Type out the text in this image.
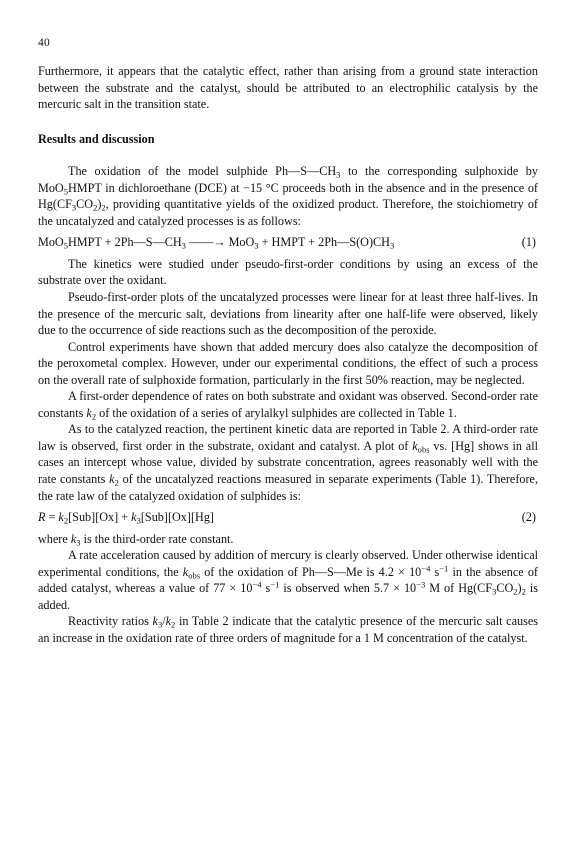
40

Furthermore, it appears that the catalytic effect, rather than arising from a ground state interaction between the substrate and the catalyst, should be attributed to an electrophilic catalysis by the mercuric salt in the transition state.

Results and discussion

The oxidation of the model sulphide $Ph—S—CH_3$ to the corresponding sulphoxide by MoO$_5$HMPT in dichloroethane (DCE) at −15 °C proceeds both in the absence and in the presence of $Hg(CF_3CO_2)_2$, providing quantitative yields of the oxidized product. Therefore, the stoichiometry of the uncatalyzed and catalyzed processes is as follows:

MoO$_5$HMPT + $2Ph—S—CH_3$ ——→ MoO$_3$ + HMPT + $2Ph—S(O)CH_3$	(1)

The kinetics were studied under pseudo-first-order conditions by using an excess of the substrate over the oxidant.

Pseudo-first-order plots of the uncatalyzed processes were linear for at least three half-lives. In the presence of the mercuric salt, deviations from linearity after one half-life were observed, likely due to the occurrence of side reactions such as the decomposition of the peroxide.

Control experiments have shown that added mercury does also catalyze the decomposition of the peroxometal complex. However, under our experimental conditions, the effect of such a process on the overall rate of sulphoxide formation, particularly in the first 50% reaction, may be neglected.

A first-order dependence of rates on both substrate and oxidant was observed. Second-order rate constants $k_2$ of the oxidation of a series of arylalkyl sulphides are collected in Table 1.

As to the catalyzed reaction, the pertinent kinetic data are reported in Table 2. A third-order rate law is observed, first order in the substrate, oxidant and catalyst. A plot of $k_{obs}$ vs. [Hg] shows in all cases an intercept whose value, divided by substrate concentration, agrees reasonably well with the rate constants $k_2$ of the uncatalyzed reactions measured in separate experiments (Table 1). Therefore, the rate law of the catalyzed oxidation of sulphides is:

$R = k_2[Sub][Ox] + k_3[Sub][Ox][Hg]$	(2)

where $k_3$ is the third-order rate constant.

A rate acceleration caused by addition of mercury is clearly observed. Under otherwise identical experimental conditions, the $k_{obs}$ of the oxidation of Ph—S—Me is $4.2 \times 10^{-4}$ $s^{-1}$ in the absence of added catalyst, whereas a value of $77 \times 10^{-4}$ $s^{-1}$ is observed when $5.7 \times 10^{-3}$ M of $Hg(CF_3CO_2)_2$ is added.

Reactivity ratios $k_3/k_2$ in Table 2 indicate that the catalytic presence of the mercuric salt causes an increase in the oxidation rate of three orders of magnitude for a 1 M concentration of the catalyst.
